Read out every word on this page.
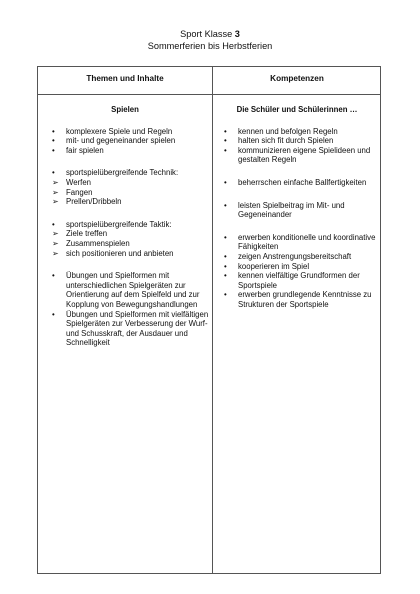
Sport Klasse 3
Sommerferien bis Herbstferien
Themen und Inhalte	Kompetenzen
Spielen
• komplexere Spiele und Regeln
• mit- und gegeneinander spielen
• fair spielen
• sportspielübergreifende Technik:
➢ Werfen
➢ Fangen
➢ Prellen/Dribbeln
• sportspielübergreifende Taktik:
➢ Ziele treffen
➢ Zusammenspielen
➢ sich positionieren und anbieten
• Übungen und Spielformen mit unterschiedlichen Spielgeräten zur Orientierung auf dem Spielfeld und zur Kopplung von Bewegungshandlungen
• Übungen und Spielformen mit vielfältigen Spielgeräten zur Verbesserung der Wurf- und Schusskraft, der Ausdauer und Schnelligkeit
Die Schüler und Schülerinnen …
• kennen und befolgen Regeln
• halten sich fit durch Spielen
• kommunizieren eigene Spielideen und gestalten Regeln
• beherrschen einfache Ballfertigkeiten
• leisten Spielbeitrag im Mit- und Gegeneinander
• erwerben konditionelle und koordinative Fähigkeiten
• zeigen Anstrengungsbereitschaft
• kooperieren im Spiel
• kennen vielfältige Grundformen der Sportspiele
• erwerben grundlegende Kenntnisse zu Strukturen der Sportspiele
